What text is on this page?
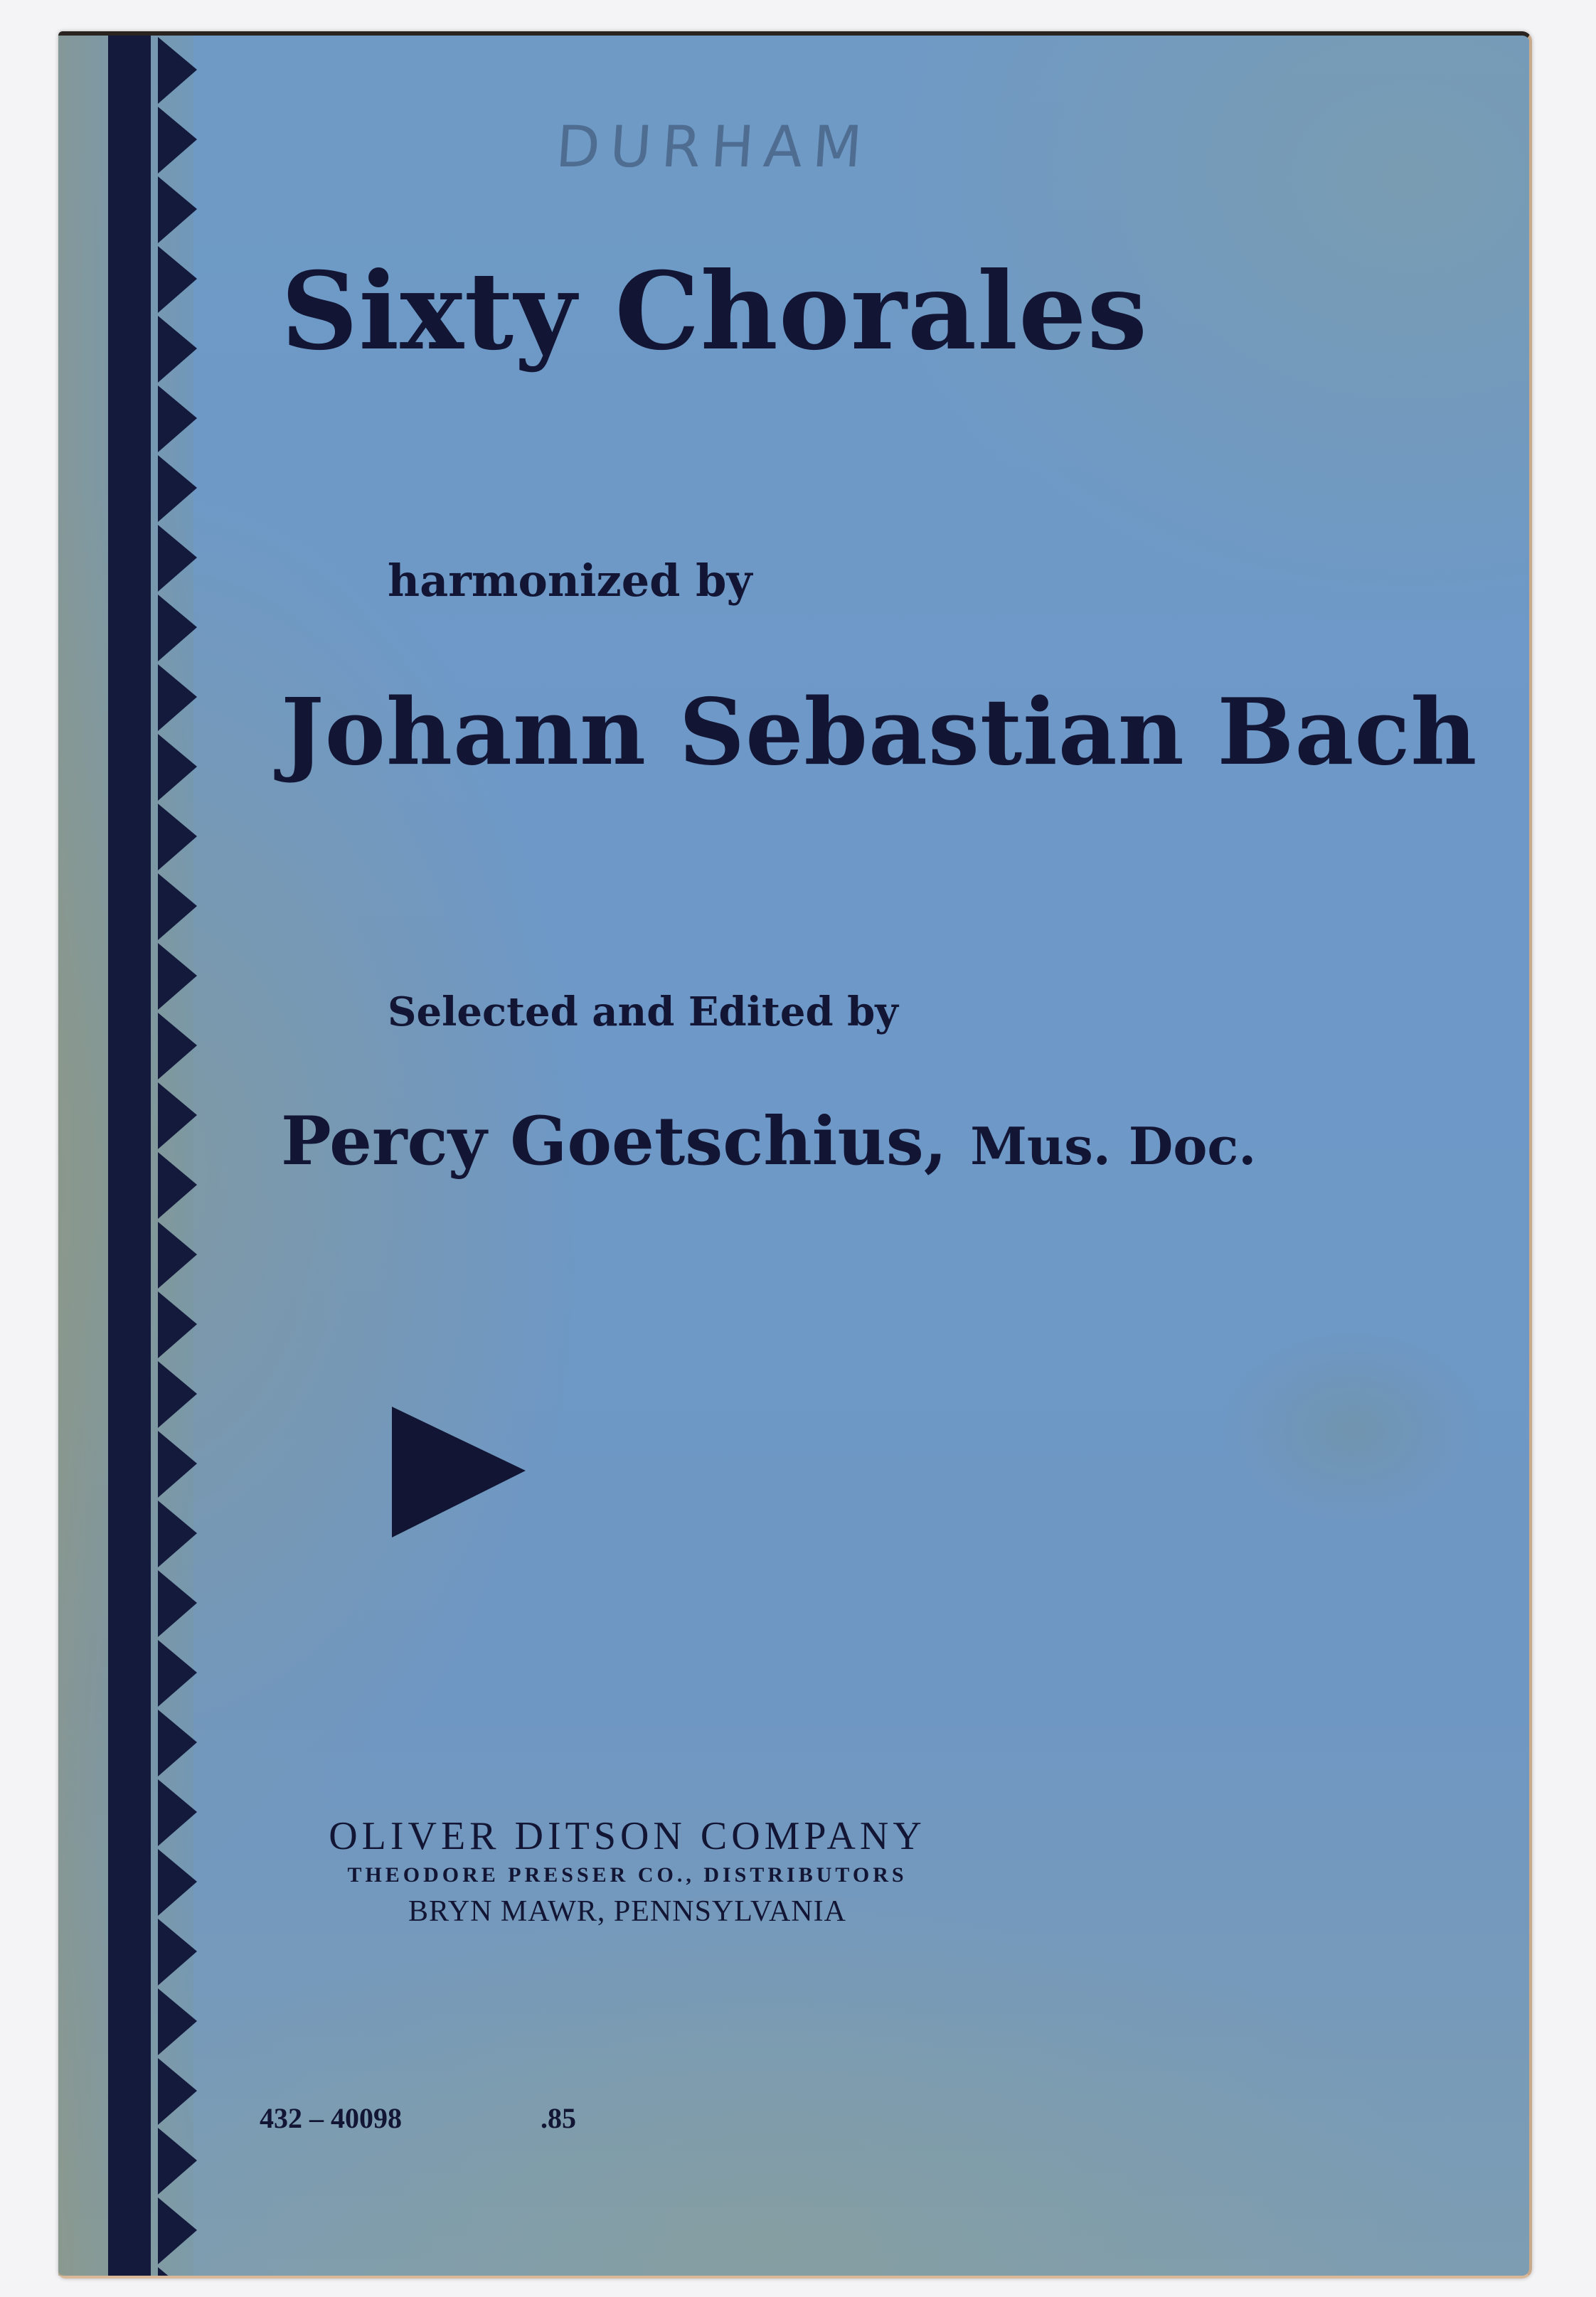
DURHAM
Sixty Chorales
harmonized by
Johann Sebastian Bach
Selected and Edited by
Percy Goetschius, Mus. Doc.
OLIVER DITSON COMPANY
THEODORE PRESSER CO., DISTRIBUTORS
BRYN MAWR, PENNSYLVANIA
432 – 40098	.85
